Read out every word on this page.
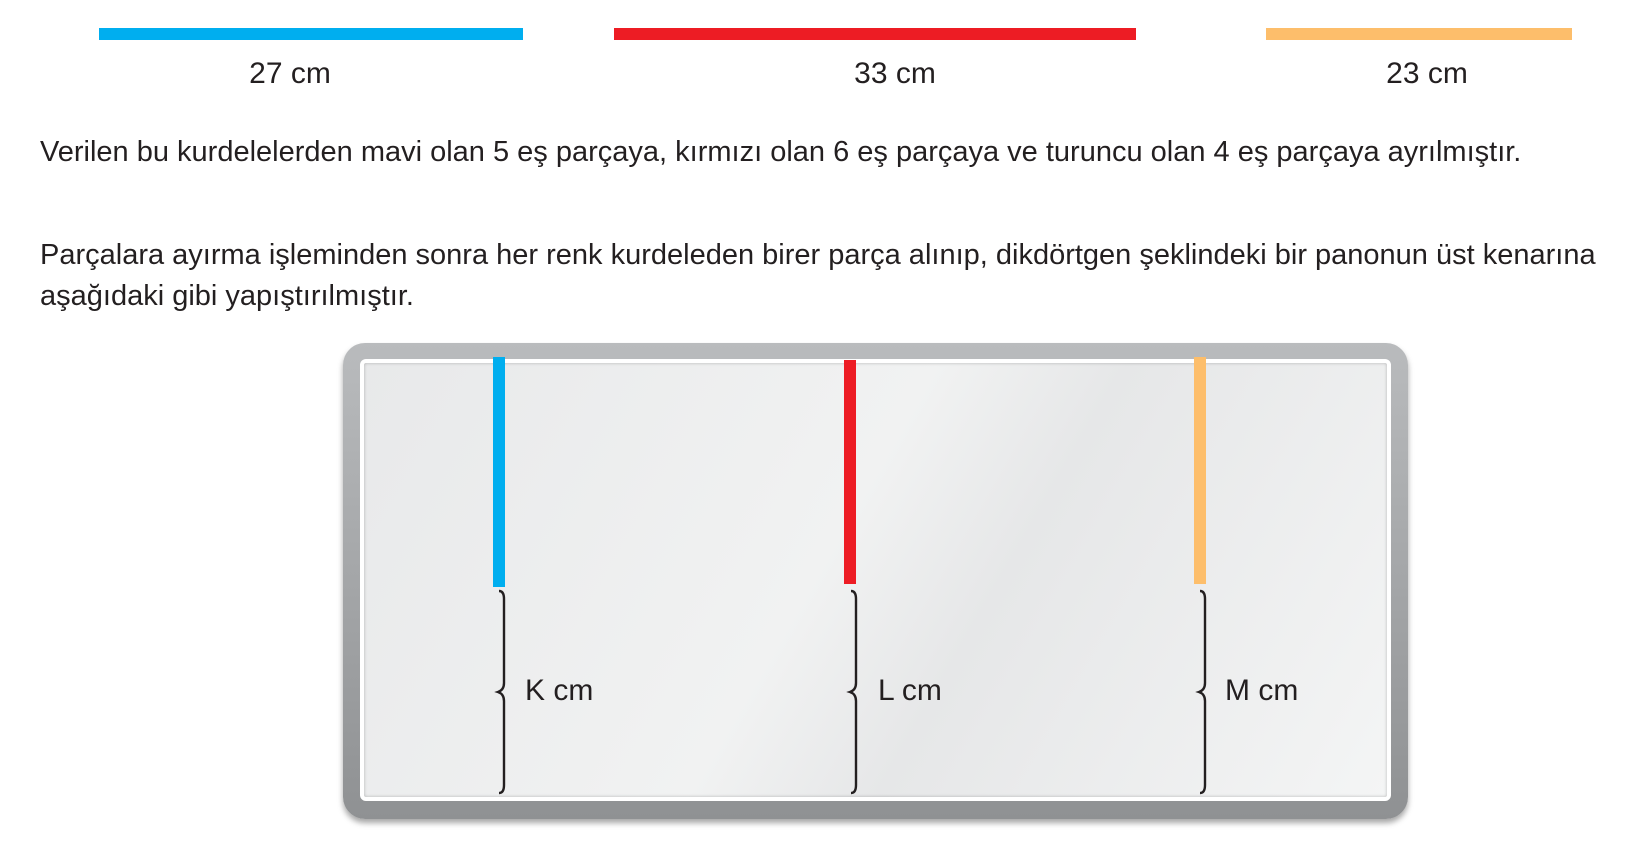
27 cm	33 cm	23 cm
Verilen bu kurdelelerden mavi olan 5 eş parçaya, kırmızı olan 6 eş parçaya ve turuncu olan 4 eş parçaya ayrılmıştır.
Parçalara ayırma işleminden sonra her renk kurdeleden birer parça alınıp, dikdörtgen şeklindeki bir panonun üst kenarına aşağıdaki gibi yapıştırılmıştır.
K cm	L cm	M cm
